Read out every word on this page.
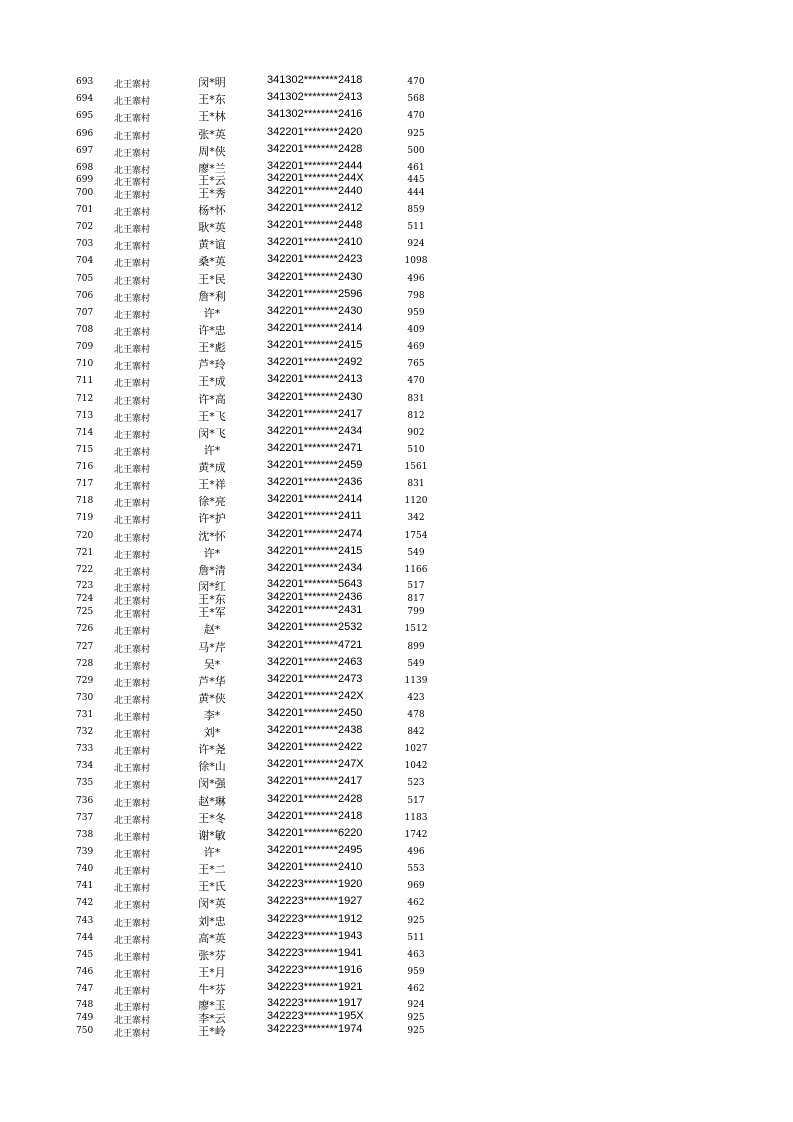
693 北王寨村	闵*明	341302********2418	470
694 北王寨村	王*东	341302********2413	568
695 北王寨村	王*林	341302********2416	470
696 北王寨村	张*英	342201********2420	925
697 北王寨村	周*侠	342201********2428	500
698 北王寨村	廖*兰	342201********2444	461
699 北王寨村	王*云	342201********244X	445
700 北王寨村	王*秀	342201********2440	444
701 北王寨村	杨*怀	342201********2412	859
702 北王寨村	耿*英	342201********2448	511
703 北王寨村	黄*谊	342201********2410	924
704 北王寨村	桑*英	342201********2423	1098
705 北王寨村	王*民	342201********2430	496
706 北王寨村	詹*利	342201********2596	798
707 北王寨村	许*	342201********2430	959
708 北王寨村	许*忠	342201********2414	409
709 北王寨村	王*彪	342201********2415	469
710 北王寨村	芦*玲	342201********2492	765
711 北王寨村	王*成	342201********2413	470
712 北王寨村	许*高	342201********2430	831
713 北王寨村	王*飞	342201********2417	812
714 北王寨村	闵*飞	342201********2434	902
715 北王寨村	许*	342201********2471	510
716 北王寨村	黄*成	342201********2459	1561
717 北王寨村	王*祥	342201********2436	831
718 北王寨村	徐*亮	342201********2414	1120
719 北王寨村	许*护	342201********2411	342
720 北王寨村	沈*怀	342201********2474	1754
721 北王寨村	许*	342201********2415	549
722 北王寨村	詹*清	342201********2434	1166
723 北王寨村	闵*红	342201********5643	517
724 北王寨村	王*东	342201********2436	817
725 北王寨村	王*军	342201********2431	799
726 北王寨村	赵*	342201********2532	1512
727 北王寨村	马*芹	342201********4721	899
728 北王寨村	吴*	342201********2463	549
729 北王寨村	芦*华	342201********2473	1139
730 北王寨村	黄*侠	342201********242X	423
731 北王寨村	李*	342201********2450	478
732 北王寨村	刘*	342201********2438	842
733 北王寨村	许*尧	342201********2422	1027
734 北王寨村	徐*山	342201********247X	1042
735 北王寨村	闵*强	342201********2417	523
736 北王寨村	赵*琳	342201********2428	517
737 北王寨村	王*冬	342201********2418	1183
738 北王寨村	谢*敏	342201********6220	1742
739 北王寨村	许*	342201********2495	496
740 北王寨村	王*二	342201********2410	553
741 北王寨村	王*氏	342223********1920	969
742 北王寨村	闵*英	342223********1927	462
743 北王寨村	刘*忠	342223********1912	925
744 北王寨村	高*英	342223********1943	511
745 北王寨村	张*芬	342223********1941	463
746 北王寨村	王*月	342223********1916	959
747 北王寨村	牛*芬	342223********1921	462
748 北王寨村	廖*玉	342223********1917	924
749 北王寨村	李*云	342223********195X	925
750 北王寨村	王*岭	342223********1974	925
